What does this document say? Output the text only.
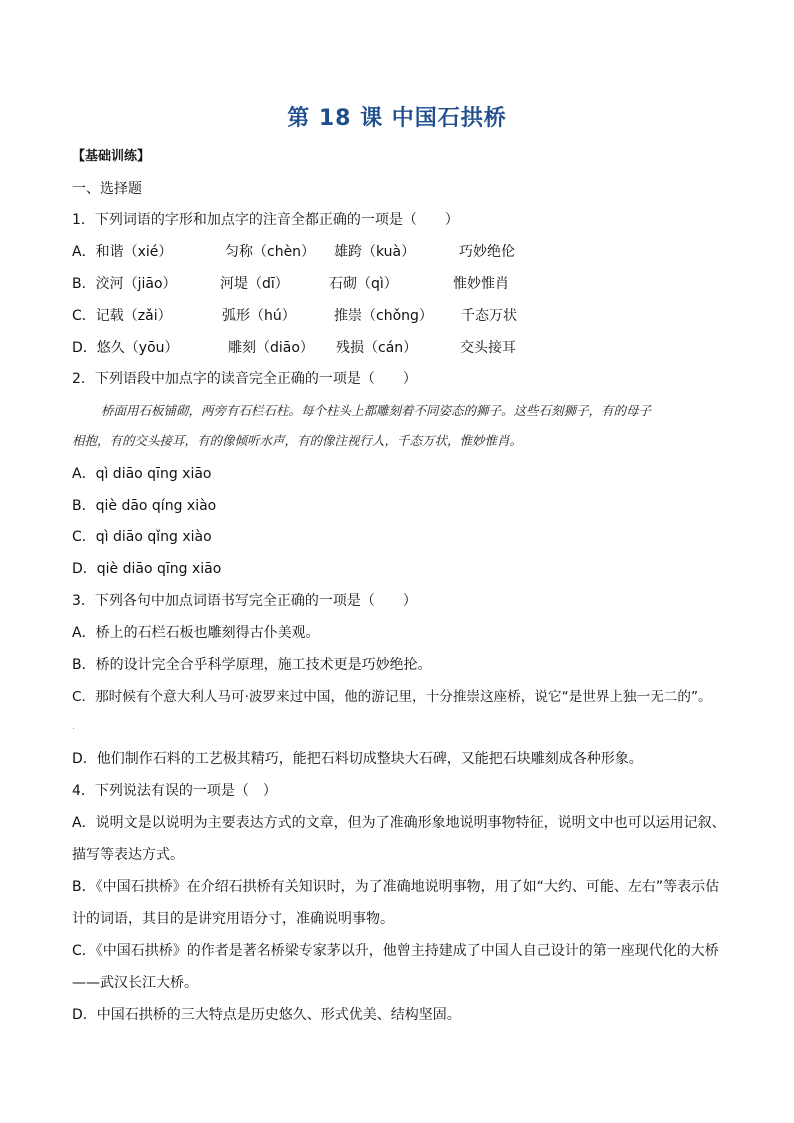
第 18 课 中国石拱桥
【基础训练】
一、选择题
1．下列词语的字形和加点字的注音全都正确的一项是（　　）
A．和谐（xié）	匀称（chèn） 雄跨（kuà）	巧妙绝伦
B．洨河（jiāo）	河堤（dī）	石砌（qì）	惟妙惟肖
C．记载（zǎi）	弧形（hú）	推崇（chǒng） 千态万状
D．悠久（yōu）	雕刻（diāo） 残损（cán）	交头接耳
2．下列语段中加点字的读音完全正确的一项是（　　）
桥面用石板铺砌，两旁有石栏石柱。每个柱头上都雕刻着不同姿态的狮子。这些石刻狮子，有的母子
相抱，有的交头接耳，有的像倾听水声，有的像注视行人，千态万状，惟妙惟肖。
A．qì diāo qīng xiāo
B．qiè dāo qíng xiào
C．qì diāo qǐng xiào
D．qiè diāo qīng xiāo
3．下列各句中加点词语书写完全正确的一项是（　　）
A．桥上的石栏石板也雕刻得古仆美观。
B．桥的设计完全合乎科学原理，施工技术更是巧妙绝抡。
C．那时候有个意大利人马可·波罗来过中国，他的游记里，十分推崇这座桥，说它“是世界上独一无二的”。
·
D．他们制作石料的工艺极其精巧，能把石料切成整块大石碑，又能把石块雕刻成各种形象。
4．下列说法有误的一项是（　）
A．说明文是以说明为主要表达方式的文章，但为了准确形象地说明事物特征，说明文中也可以运用记叙、
描写等表达方式。
B．《中国石拱桥》在介绍石拱桥有关知识时，为了准确地说明事物，用了如“大约、可能、左右”等表示估
计的词语，其目的是讲究用语分寸，准确说明事物。
C．《中国石拱桥》的作者是著名桥梁专家茅以升，他曾主持建成了中国人自己设计的第一座现代化的大桥
——武汉长江大桥。
D．中国石拱桥的三大特点是历史悠久、形式优美、结构坚固。
